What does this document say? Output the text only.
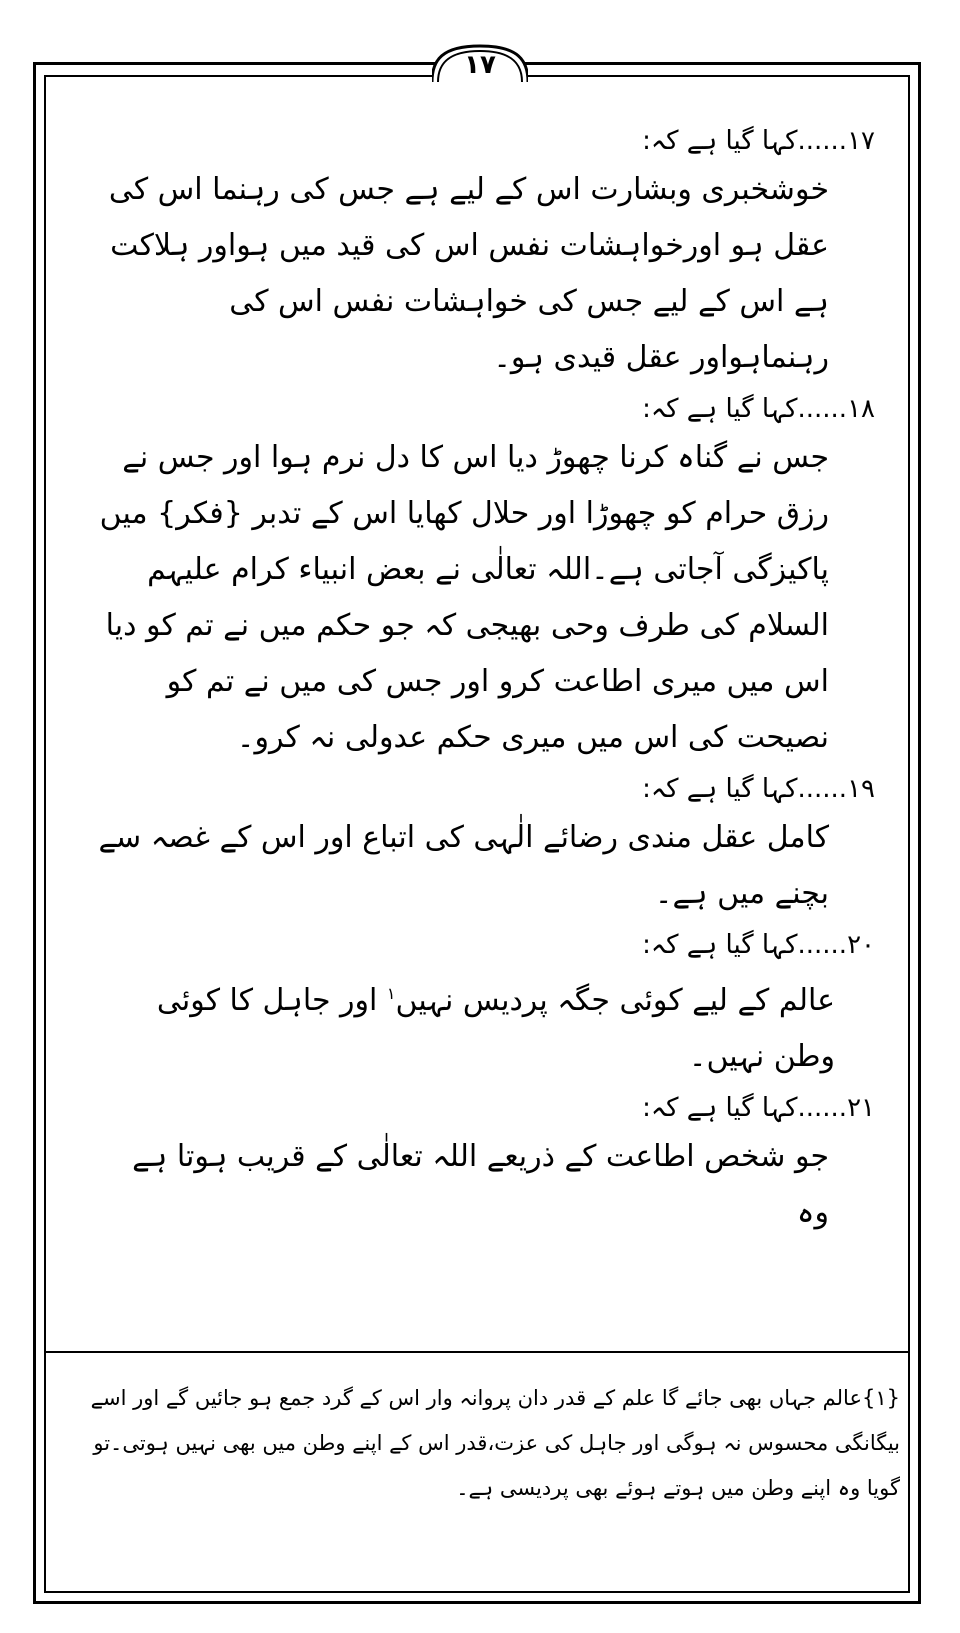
۱۷
۱۷......کہا گیا ہے کہ:
خوشخبری وبشارت اس کے لیے ہے جس کی رہنما اس کی عقل ہو اورخواہشات نفس اس کی قید میں ہواور ہلاکت ہے اس کے لیے جس کی خواہشات نفس اس کی رہنماہواور عقل قیدی ہو۔
۱۸......کہا گیا ہے کہ:
جس نے گناہ کرنا چھوڑ دیا اس کا دل نرم ہوا اور جس نے رزق حرام کو چھوڑا اور حلال کھایا اس کے تدبر {فکر} میں پاکیزگی آجاتی ہے۔اللہ تعالٰی نے بعض انبیاء کرام علیہم السلام کی طرف وحی بھیجی کہ جو حکم میں نے تم کو دیا اس میں میری اطاعت کرو اور جس کی میں نے تم کو نصیحت کی اس میں میری حکم عدولی نہ کرو۔
۱۹......کہا گیا ہے کہ:
کامل عقل مندی رضائے الٰہی کی اتباع اور اس کے غصہ سے بچنے میں ہے۔
۲۰......کہا گیا ہے کہ:
عالم کے لیے کوئی جگہ پردیس نہیں$^۱$ اور جاہل کا کوئی وطن نہیں۔
۲۱......کہا گیا ہے کہ:
جو شخص اطاعت کے ذریعے اللہ تعالٰی کے قریب ہوتا ہے وہ
{۱}عالم جہاں بھی جائے گا علم کے قدر دان پروانہ وار اس کے گرد جمع ہو جائیں گے اور اسے بیگانگی محسوس نہ ہوگی اور جاہل کی عزت،قدر اس کے اپنے وطن میں بھی نہیں ہوتی۔تو گویا وہ اپنے وطن میں ہوتے ہوئے بھی پردیسی ہے۔
